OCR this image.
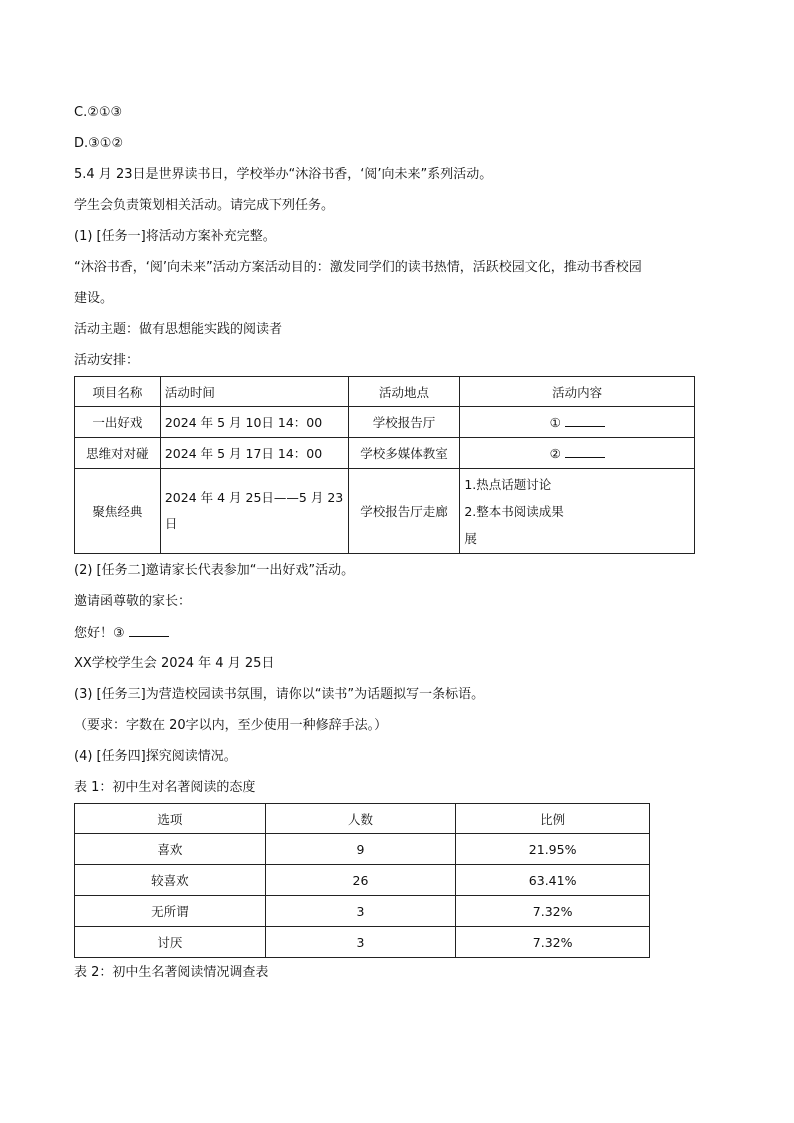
C.②①③
D.③①②
5.4 月 23日是世界读书日，学校举办“沐浴书香，‘阅’向未来”系列活动。
学生会负责策划相关活动。请完成下列任务。
(1) [任务一]将活动方案补充完整。
“沐浴书香，‘阅’向未来”活动方案活动目的：激发同学们的读书热情，活跃校园文化，推动书香校园
建设。
活动主题：做有思想能实践的阅读者
活动安排：
项目名称	活动时间	活动地点	活动内容
一出好戏	2024 年 5 月 10日 14：00	学校报告厅	①
思维对对碰	2024 年 5 月 17日 14：00	学校多媒体教室	②
聚焦经典	2024 年 4 月 25日——5 月 23
日	学校报告厅走廊	1.热点话题讨论
2.整本书阅读成果
展
(2) [任务二]邀请家长代表参加“一出好戏”活动。
邀请函尊敬的家长：
您好！③
XX学校学生会 2024 年 4 月 25日
(3) [任务三]为营造校园读书氛围，请你以“读书”为话题拟写一条标语。
（要求：字数在 20字以内，至少使用一种修辞手法。）
(4) [任务四]探究阅读情况。
表 1：初中生对名著阅读的态度
选项	人数	比例
喜欢	9	21.95%
较喜欢	26	63.41%
无所谓	3	7.32%
讨厌	3	7.32%
表 2：初中生名著阅读情况调查表
